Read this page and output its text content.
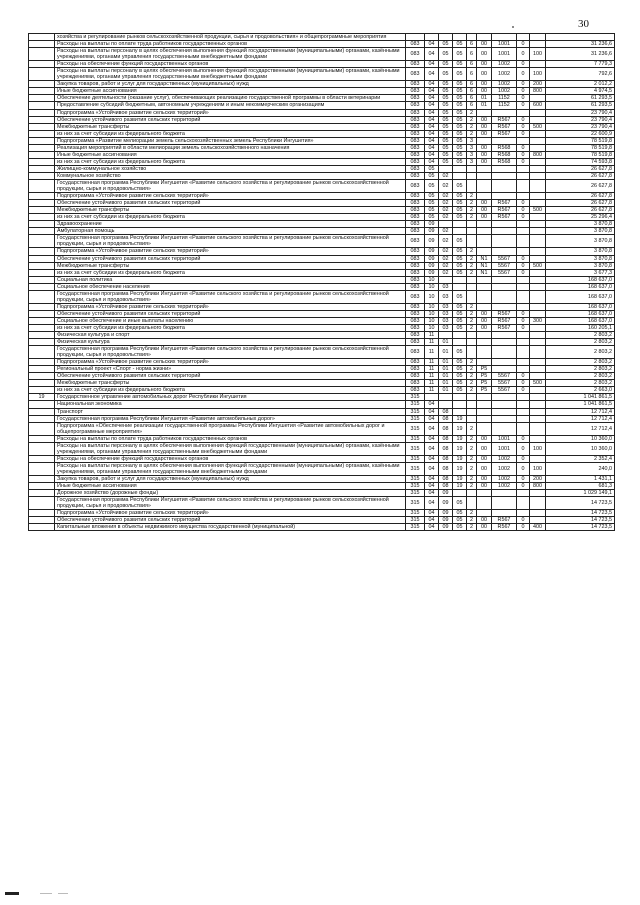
30
	хозяйства и регулирование рынков сельскохозяйственной продукции, сырья и продовольствия» и общепрограммные мероприятия										
	Расходы на выплаты по оплате труда работников государственных органов	083	04	05	05	6	00	1001	0		31 236,6
	Расходы на выплаты персоналу в целях обеспечения выполнения функций государственными (муниципальными) органами, казёнными учреждениями, органами управления государственными внебюджетными фондами	083	04	05	05	6	00	1001	0	100	31 236,6
	Расходы на обеспечение функций государственных органов	083	04	05	05	6	00	1002	0		7 779,3
	Расходы на выплаты персоналу в целях обеспечения выполнения функций государственными (муниципальными) органами, казёнными учреждениями, органами управления государственными внебюджетными фондами	083	04	05	05	6	00	1002	0	100	792,6
	Закупка товаров, работ и услуг для государственных (муниципальных) нужд	083	04	05	05	6	00	1002	0	200	2 012,2
	Иные бюджетные ассигнования	083	04	05	05	6	00	1002	0	800	4 974,5
	Обеспечение деятельности (оказание услуг), обеспечивающих реализацию государственной программы в области ветеринарии	083	04	05	05	6	01	1152	0		61 293,5
	Предоставление субсидий бюджетным, автономным учреждениям и иным некоммерческим организациям	083	04	05	05	6	01	1152	0	600	61 293,5
	Подпрограмма «Устойчивое развитие сельских территорий»	083	04	05	05	2					23 790,4
	Обеспечение устойчивого развития сельских территорий	083	04	05	05	2	00	R567	0		23 790,4
	Межбюджетные трансферты	083	04	05	05	2	00	R567	0	500	23 790,4
	из них за счет субсидии из федерального бюджета	083	04	05	05	2	00	R567	0		22 600,9
	Подпрограмма «Развитие мелиорации земель сельскохозяйственных земель Республики Ингушетия»	083	04	05	05	3					78 519,8
	Реализация мероприятий в области мелиорации земель сельскохозяйственного назначения	083	04	05	05	3	00	R568	0		78 519,8
	Иные бюджетные ассигнования	083	04	05	05	3	00	R568	0	800	78 519,8
	из них за счет субсидии из федерального бюджета	083	04	05	05	3	00	R568	0		74 593,8
	Жилищно-коммунальное хозяйство	083	05								26 627,8
	Коммунальное хозяйство	083	05	02							26 627,8
	Государственная программа Республики Ингушетия «Развитие сельского хозяйства и регулирование рынков сельскохозяйственной продукции, сырья и продовольствия»	083	05	02	05						26 627,8
	Подпрограмма «Устойчивое развитие сельских территорий»	083	05	02	05	2					26 627,8
	Обеспечение устойчивого развития сельских территорий	083	05	02	05	2	00	R567	0		26 627,8
	Межбюджетные трансферты	083	05	02	05	2	00	R567	0	500	26 627,8
	из них за счет субсидии из федерального бюджета	083	05	02	05	2	00	R567	0		25 296,4
	Здравоохранение	083	09								3 870,8
	Амбулаторная помощь	083	09	02							3 870,8
	Государственная программа Республики Ингушетия «Развитие сельского хозяйства и регулирование рынков сельскохозяйственной продукции, сырья и продовольствия»	083	09	02	05						3 870,8
	Подпрограмма «Устойчивое развитие сельских территорий»	083	09	02	05	2					3 870,8
	Обеспечение устойчивого развития сельских территорий	083	09	02	05	2	N1	5567	0		3 870,8
	Межбюджетные трансферты	083	09	02	05	2	N1	5567	0	500	3 870,8
	из них за счет субсидии из федерального бюджета	083	09	02	05	2	N1	5567	0		3 677,3
	Социальная политика	083	10								168 637,0
	Социальное обеспечение населения	083	10	03							168 637,0
	Государственная программа Республики Ингушетия «Развитие сельского хозяйства и регулирование рынков сельскохозяйственной продукции, сырья и продовольствия»	083	10	03	05						168 637,0
	Подпрограмма «Устойчивое развитие сельских территорий»	083	10	03	05	2					168 637,0
	Обеспечение устойчивого развития сельских территорий	083	10	03	05	2	00	R567	0		168 637,0
	Социальное обеспечение и иные выплаты населению	083	10	03	05	2	00	R567	0	300	168 637,0
	из них за счет субсидии из федерального бюджета	083	10	03	05	2	00	R567	0		160 205,1
	Физическая культура и спорт	083	11								2 803,2
	Физическая культура	083	11	01							2 803,2
	Государственная программа Республики Ингушетия «Развитие сельского хозяйства и регулирование рынков сельскохозяйственной продукции, сырья и продовольствия»	083	11	01	05						2 803,2
	Подпрограмма «Устойчивое развитие сельских территорий»	083	11	01	05	2					2 803,2
	Региональный проект «Спорт - норма жизни»	083	11	01	05	2	P5				2 803,2
	Обеспечение устойчивого развития сельских территорий	083	11	01	05	2	P5	5567	0		2 803,2
	Межбюджетные трансферты	083	11	01	05	2	P5	5567	0	500	2 803,2
	из них за счет субсидии из федерального бюджета	083	11	01	05	2	P5	5567	0		2 663,0
19	Государственное управление автомобильных дорог Республики Ингушетия	315									1 041 861,5
	Национальная экономика	315	04								1 041 861,5
	Транспорт	315	04	08							12 712,4
	Государственная программа Республики Ингушетия «Развитие автомобильных дорог»	315	04	08	19						12 712,4
	Подпрограмма «Обеспечение реализации государственной программы Республики Ингушетия «Развитие автомобильных дорог и общепрограммные мероприятия»	315	04	08	19	2					12 712,4
	Расходы на выплаты по оплате труда работников государственных органов	315	04	08	19	2	00	1001	0		10 360,0
	Расходы на выплаты персоналу в целях обеспечения выполнения функций государственными (муниципальными) органами, казёнными учреждениями, органами управления государственными внебюджетными фондами	315	04	08	19	2	00	1001	0	100	10 360,0
	Расходы на обеспечение функций государственных органов	315	04	08	19	2	00	1002	0		2 352,4
	Расходы на выплаты персоналу в целях обеспечения выполнения функций государственными (муниципальными) органами, казёнными учреждениями, органами управления государственными внебюджетными фондами	315	04	08	19	2	00	1002	0	100	240,0
	Закупка товаров, работ и услуг для государственных (муниципальных) нужд	315	04	08	19	2	00	1002	0	200	1 431,1
	Иные бюджетные ассигнования	315	04	08	19	2	00	1002	0	800	681,3
	Дорожное хозяйство (дорожные фонды)	315	04	09							1 029 149,1
	Государственная программа Республики Ингушетия «Развитие сельского хозяйства и регулирование рынков сельскохозяйственной продукции, сырья и продовольствия»	315	04	09	05						14 723,5
	Подпрограмма «Устойчивое развитие сельских территорий»	315	04	09	05	2					14 723,5
	Обеспечение устойчивого развития сельских территорий	315	04	09	05	2	00	R567	0		14 723,5
	Капитальные вложения в объекты недвижимого имущества государственной (муниципальной)	315	04	09	05	2	00	R567	0	400	14 723,5
